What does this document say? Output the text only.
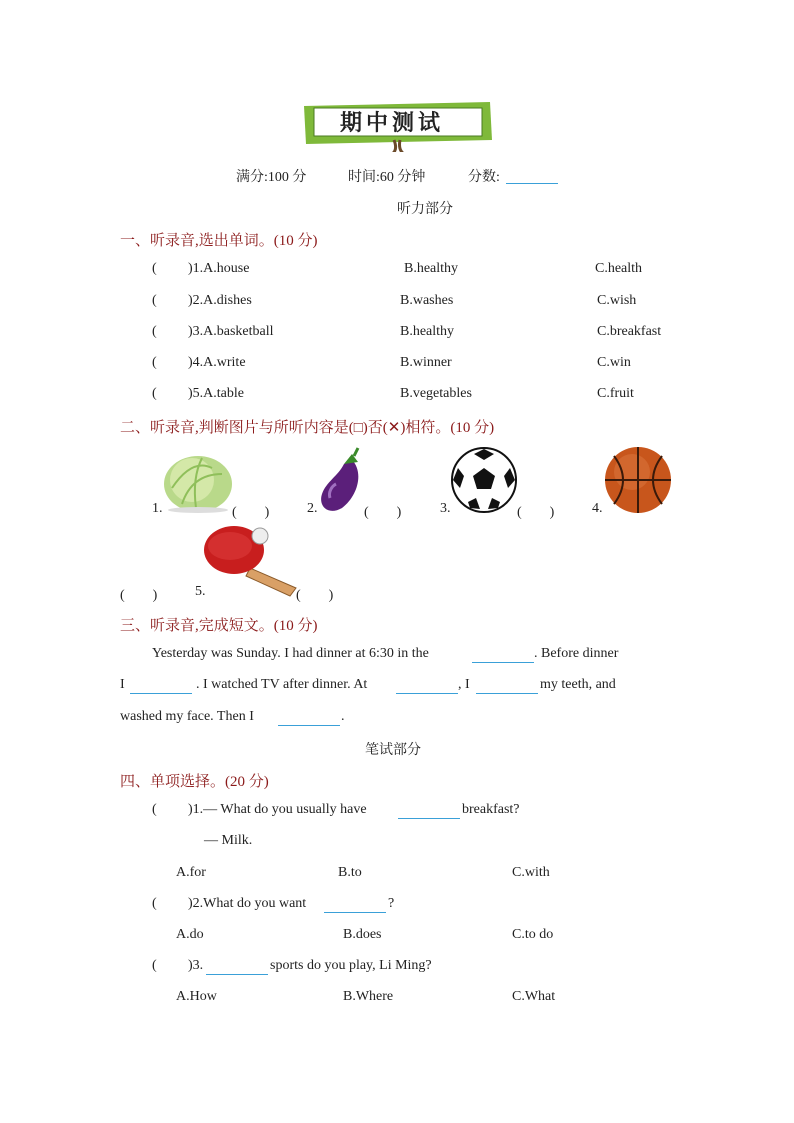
期中测试
满分:100 分	时间:60 分钟	分数:
听力部分
一、听录音,选出单词。(10 分)
( )1.A.house	B.healthy	C.health
( )2.A.dishes	B.washes	C.wish
( )3.A.basketball	B.healthy	C.breakfast
( )4.A.write	B.winner	C.win
( )5.A.table	B.vegetables	C.fruit
二、听录音,判断图片与所听内容是(□)否(✕)相符。(10 分)
1.	(　　)	2.	(　　)	3.	(　　)	4.
(　　)	5.	(　　)
三、听录音,完成短文。(10 分)
Yesterday was Sunday. I had dinner at 6:30 in the	. Before dinner
I	. I watched TV after dinner. At	, I	my teeth, and
washed my face. Then I	.
笔试部分
四、单项选择。(20 分)
( )1.— What do you usually have	breakfast?
— Milk.
A.for	B.to	C.with
( )2.What do you want	?
A.do	B.does	C.to do
( )3.	sports do you play, Li Ming?
A.How	B.Where	C.What
